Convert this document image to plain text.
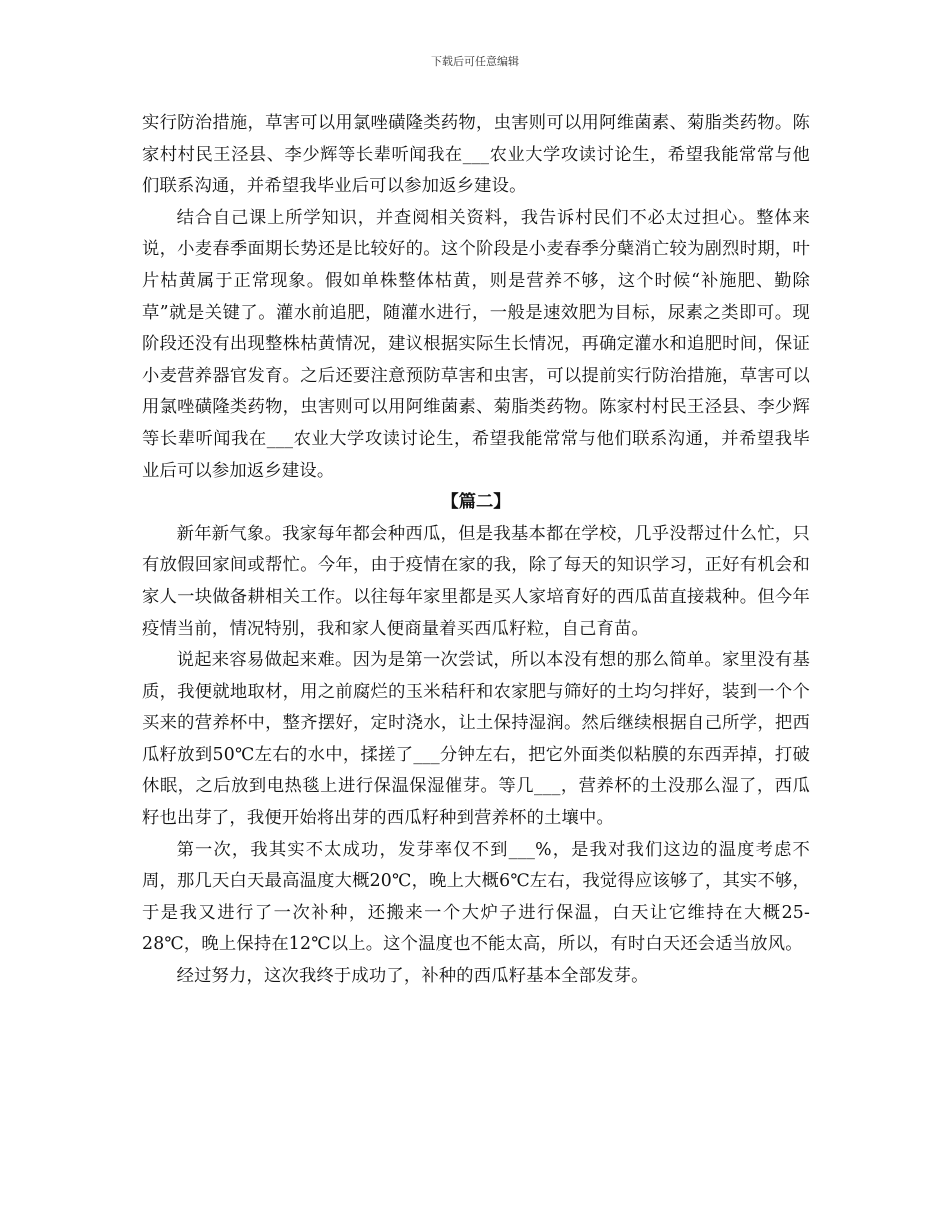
下载后可任意编辑

实行防治措施，草害可以用氯唑磺隆类药物，虫害则可以用阿维菌素、菊脂类药物。陈家村村民王泾县、李少辉等长辈听闻我在___农业大学攻读讨论生，希望我能常常与他们联系沟通，并希望我毕业后可以参加返乡建设。

结合自己课上所学知识，并查阅相关资料，我告诉村民们不必太过担心。整体来说，小麦春季面期长势还是比较好的。这个阶段是小麦春季分蘖消亡较为剧烈时期，叶片枯黄属于正常现象。假如单株整体枯黄，则是营养不够，这个时候“补施肥、勤除草”就是关键了。灌水前追肥，随灌水进行，一般是速效肥为目标，尿素之类即可。现阶段还没有出现整株枯黄情况，建议根据实际生长情况，再确定灌水和追肥时间，保证小麦营养器官发育。之后还要注意预防草害和虫害，可以提前实行防治措施，草害可以用氯唑磺隆类药物，虫害则可以用阿维菌素、菊脂类药物。陈家村村民王泾县、李少辉等长辈听闻我在___农业大学攻读讨论生，希望我能常常与他们联系沟通，并希望我毕业后可以参加返乡建设。

【篇二】

新年新气象。我家每年都会种西瓜，但是我基本都在学校，几乎没帮过什么忙，只有放假回家间或帮忙。今年，由于疫情在家的我，除了每天的知识学习，正好有机会和家人一块做备耕相关工作。以往每年家里都是买人家培育好的西瓜苗直接栽种。但今年疫情当前，情况特别，我和家人便商量着买西瓜籽粒，自己育苗。

说起来容易做起来难。因为是第一次尝试，所以本没有想的那么简单。家里没有基质，我便就地取材，用之前腐烂的玉米秸秆和农家肥与筛好的土均匀拌好，装到一个个买来的营养杯中，整齐摆好，定时浇水，让土保持湿润。然后继续根据自己所学，把西瓜籽放到50℃左右的水中，揉搓了___分钟左右，把它外面类似粘膜的东西弄掉，打破休眠，之后放到电热毯上进行保温保湿催芽。等几___，营养杯的土没那么湿了，西瓜籽也出芽了，我便开始将出芽的西瓜籽种到营养杯的土壤中。

第一次，我其实不太成功，发芽率仅不到___%，是我对我们这边的温度考虑不周，那几天白天最高温度大概20℃，晚上大概6℃左右，我觉得应该够了，其实不够，于是我又进行了一次补种，还搬来一个大炉子进行保温，白天让它维持在大概25-28℃，晚上保持在12℃以上。这个温度也不能太高，所以，有时白天还会适当放风。

经过努力，这次我终于成功了，补种的西瓜籽基本全部发芽。
